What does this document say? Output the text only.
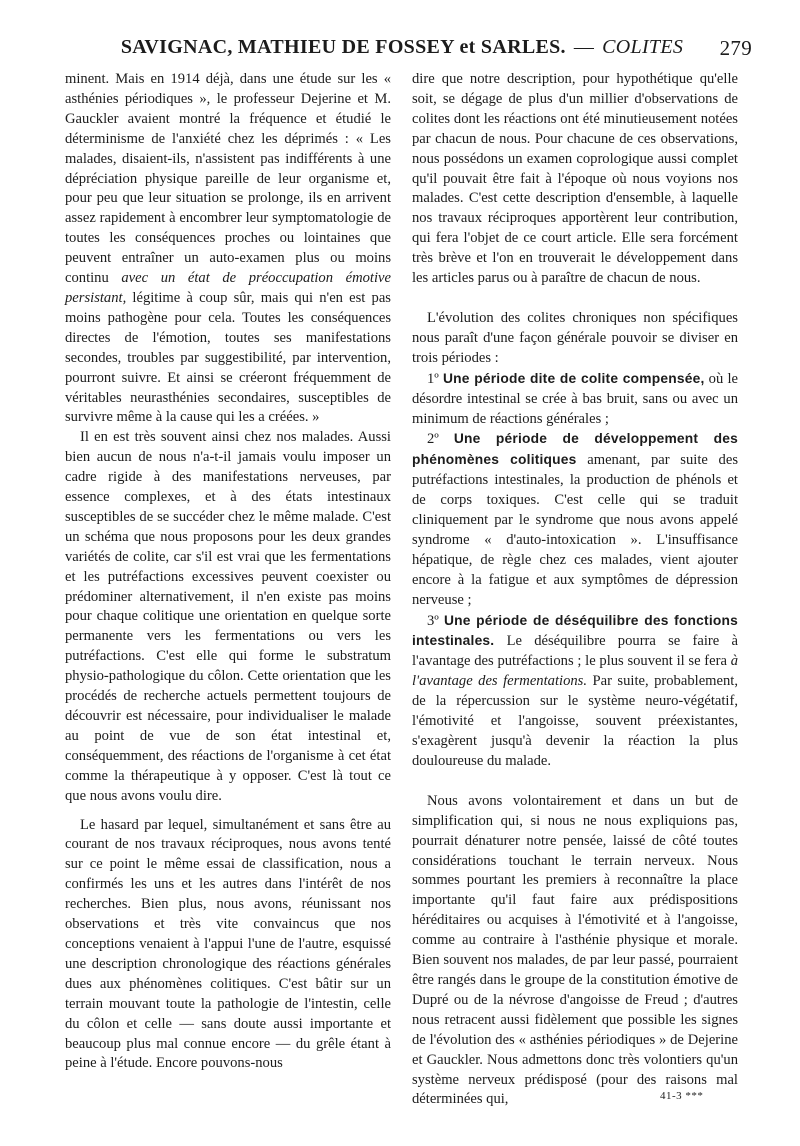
SAVIGNAC, MATHIEU DE FOSSEY et SARLES. — COLITES 279

minent. Mais en 1914 déjà, dans une étude sur les « asthénies périodiques », le professeur Dejerine et M. Gauckler avaient montré la fréquence et étudié le déterminisme de l'anxiété chez les déprimés : « Les malades, disaient-ils, n'assistent pas indifférents à une dépréciation physique pareille de leur organisme et, pour peu que leur situation se prolonge, ils en arrivent assez rapidement à encombrer leur symptomatologie de toutes les conséquences proches ou lointaines que peuvent entraîner un auto-examen plus ou moins continu avec un état de préoccupation émotive persistant, légitime à coup sûr, mais qui n'en est pas moins pathogène pour cela. Toutes les conséquences directes de l'émotion, toutes ses manifestations secondes, troubles par suggestibilité, par intervention, pourront suivre. Et ainsi se créeront fréquemment de véritables neurasthénies secondaires, susceptibles de survivre même à la cause qui les a créées. »

Il en est très souvent ainsi chez nos malades. Aussi bien aucun de nous n'a-t-il jamais voulu imposer un cadre rigide à des manifestations nerveuses, par essence complexes, et à des états intestinaux susceptibles de se succéder chez le même malade. C'est un schéma que nous proposons pour les deux grandes variétés de colite, car s'il est vrai que les fermentations et les putréfactions excessives peuvent coexister ou prédominer alternativement, il n'en existe pas moins pour chaque colitique une orientation en quelque sorte permanente vers les fermentations ou vers les putréfactions. C'est elle qui forme le substratum physio-pathologique du côlon. Cette orientation que les procédés de recherche actuels permettent toujours de découvrir est nécessaire, pour individualiser le malade au point de vue de son état intestinal et, conséquemment, des réactions de l'organisme à cet état comme la thérapeutique à y opposer. C'est là tout ce que nous avons voulu dire.

Le hasard par lequel, simultanément et sans être au courant de nos travaux réciproques, nous avons tenté sur ce point le même essai de classification, nous a confirmés les uns et les autres dans l'intérêt de nos recherches. Bien plus, nous avons, réunissant nos observations et très vite convaincus que nos conceptions venaient à l'appui l'une de l'autre, esquissé une description chronologique des réactions générales dues aux phénomènes colitiques. C'est bâtir sur un terrain mouvant toute la pathologie de l'intestin, celle du côlon et celle — sans doute aussi importante et beaucoup plus mal connue encore — du grêle étant à peine à l'étude. Encore pouvons-nous

dire que notre description, pour hypothétique qu'elle soit, se dégage de plus d'un millier d'observations de colites dont les réactions ont été minutieusement notées par chacun de nous. Pour chacune de ces observations, nous possédons un examen coprologique aussi complet qu'il pouvait être fait à l'époque où nous voyions nos malades. C'est cette description d'ensemble, à laquelle nos travaux réciproques apportèrent leur contribution, qui fera l'objet de ce court article. Elle sera forcément très brève et l'on en trouverait le développement dans les articles parus ou à paraître de chacun de nous.

L'évolution des colites chroniques non spécifiques nous paraît d'une façon générale pouvoir se diviser en trois périodes :

1º Une période dite de colite compensée, où le désordre intestinal se crée à bas bruit, sans ou avec un minimum de réactions générales ;

2º Une période de développement des phénomènes colitiques amenant, par suite des putréfactions intestinales, la production de phénols et de corps toxiques. C'est celle qui se traduit cliniquement par le syndrome que nous avons appelé syndrome « d'auto-intoxication ». L'insuffisance hépatique, de règle chez ces malades, vient ajouter encore à la fatigue et aux symptômes de dépression nerveuse ;

3º Une période de déséquilibre des fonctions intestinales. Le déséquilibre pourra se faire à l'avantage des putréfactions ; le plus souvent il se fera à l'avantage des fermentations. Par suite, probablement, de la répercussion sur le système neuro-végétatif, l'émotivité et l'angoisse, souvent préexistantes, s'exagèrent jusqu'à devenir la réaction la plus douloureuse du malade.

Nous avons volontairement et dans un but de simplification qui, si nous ne nous expliquions pas, pourrait dénaturer notre pensée, laissé de côté toutes considérations touchant le terrain nerveux. Nous sommes pourtant les premiers à reconnaître la place importante qu'il faut faire aux prédispositions héréditaires ou acquises à l'émotivité et à l'angoisse, comme au contraire à l'asthénie physique et morale. Bien souvent nos malades, de par leur passé, pourraient être rangés dans le groupe de la constitution émotive de Dupré ou de la névrose d'angoisse de Freud ; d'autres nous retracent aussi fidèlement que possible les signes de l'évolution des « asthénies périodiques » de Dejerine et Gauckler. Nous admettons donc très volontiers qu'un système nerveux prédisposé (pour des raisons mal déterminées qui,	41-3 ***
